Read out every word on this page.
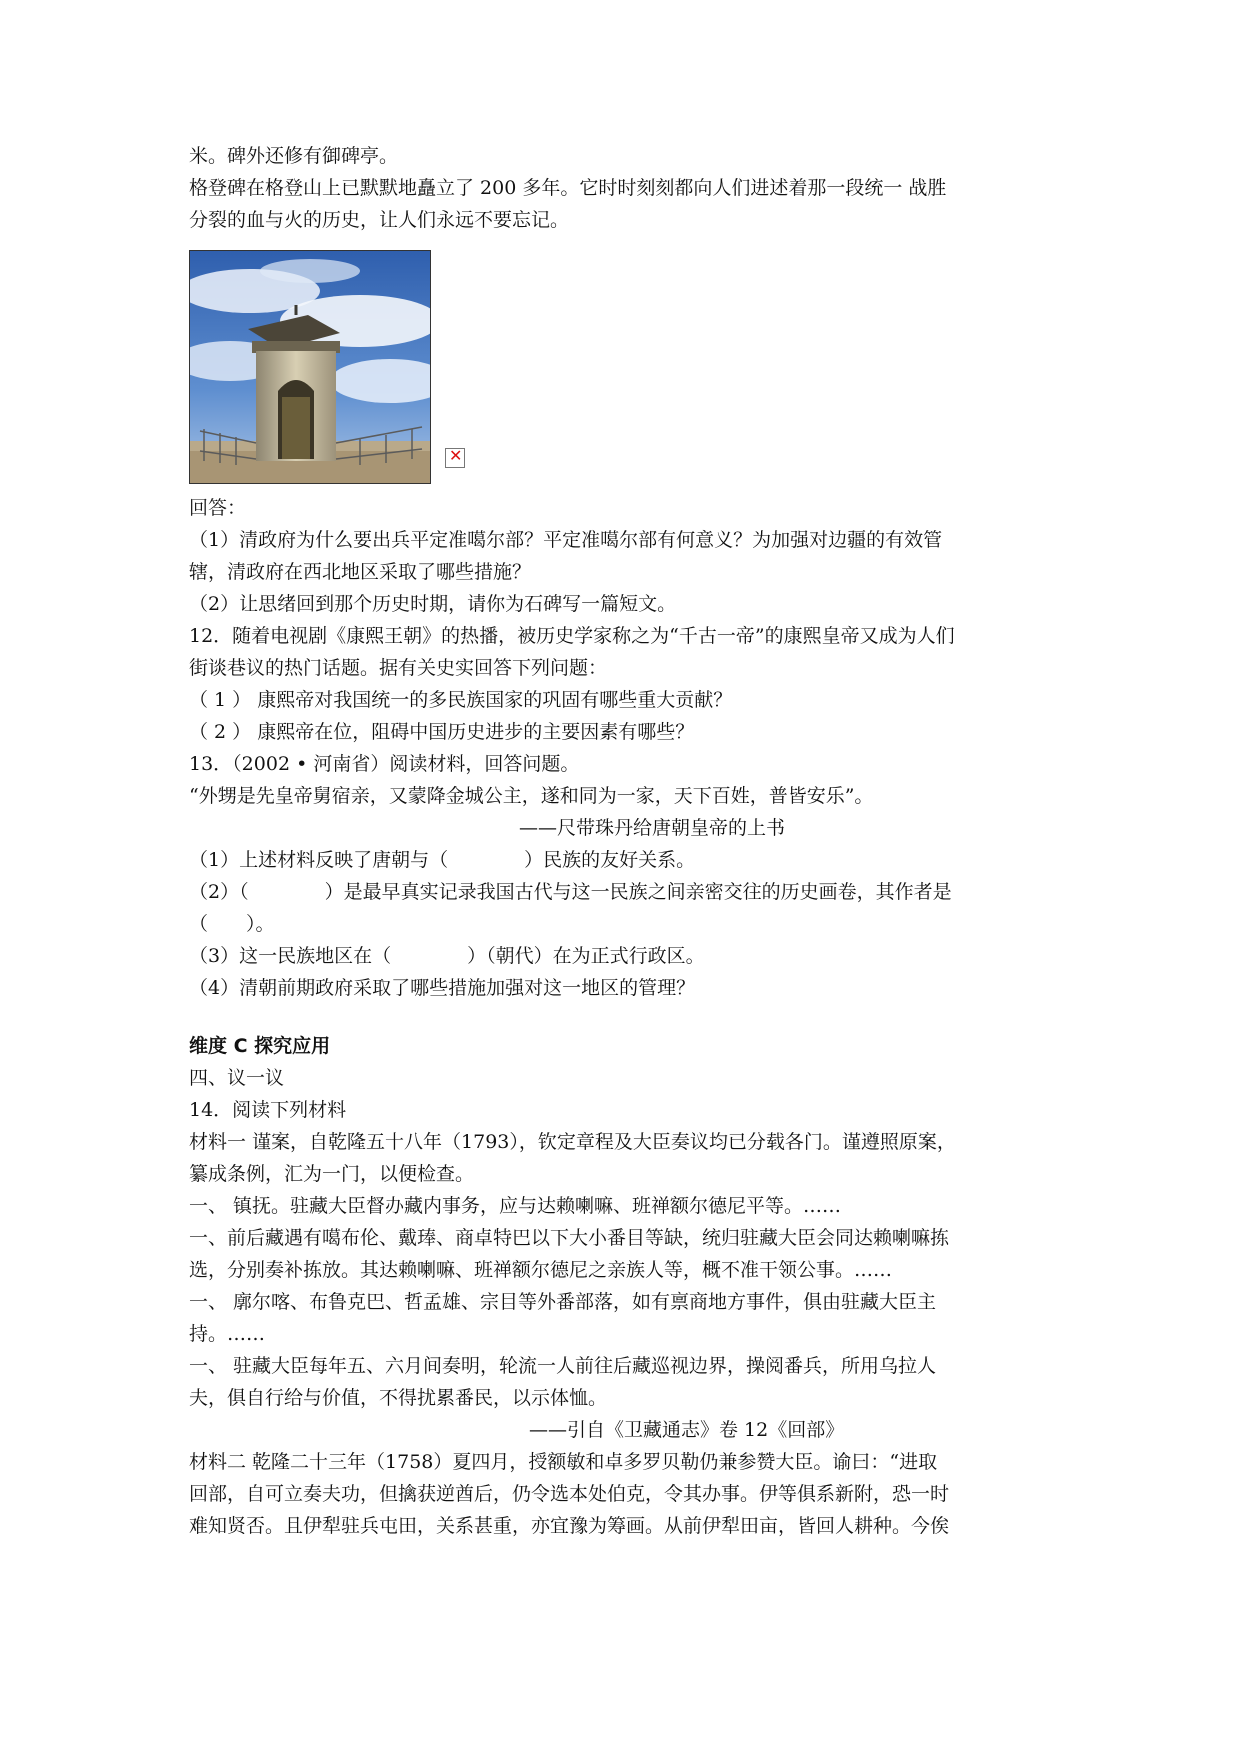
米。碑外还修有御碑亭。
格登碑在格登山上已默默地矗立了 200 多年。它时时刻刻都向人们进述着那一段统一 战胜
分裂的血与火的历史，让人们永远不要忘记。
✕
回答：
（1）清政府为什么要出兵平定准噶尔部？平定准噶尔部有何意义？为加强对边疆的有效管
辖，清政府在西北地区采取了哪些措施？
（2）让思绪回到那个历史时期，请你为石碑写一篇短文。
12．随着电视剧《康熙王朝》的热播，被历史学家称之为“千古一帝”的康熙皇帝又成为人们
街谈巷议的热门话题。据有关史实回答下列问题：
（ 1 ） 康熙帝对我国统一的多民族国家的巩固有哪些重大贡献？
（ 2 ） 康熙帝在位，阻碍中国历史进步的主要因素有哪些？
13．（2002 • 河南省）阅读材料，回答问题。
“外甥是先皇帝舅宿亲，又蒙降金城公主，遂和同为一家，天下百姓，普皆安乐”。
——尺带珠丹给唐朝皇帝的上书
（1）上述材料反映了唐朝与（　　　　）民族的友好关系。
（2）（　　　　）是最早真实记录我国古代与这一民族之间亲密交往的历史画卷，其作者是
（　　）。
（3）这一民族地区在（　　　　）（朝代）在为正式行政区。
（4）清朝前期政府采取了哪些措施加强对这一地区的管理？
维度 C 探究应用
四、议一议
14．阅读下列材料
材料一 谨案，自乾隆五十八年（1793），钦定章程及大臣奏议均已分载各门。谨遵照原案，
纂成条例，汇为一门，以便检查。
一、 镇抚。驻藏大臣督办藏内事务，应与达赖喇嘛、班禅额尔德尼平等。……
一、前后藏遇有噶布伦、戴琫、商卓特巴以下大小番目等缺，统归驻藏大臣会同达赖喇嘛拣
选，分别奏补拣放。其达赖喇嘛、班禅额尔德尼之亲族人等，概不准干领公事。……
一、 廓尔喀、布鲁克巴、哲孟雄、宗目等外番部落，如有禀商地方事件，俱由驻藏大臣主
持。……
一、 驻藏大臣每年五、六月间奏明，轮流一人前往后藏巡视边界，操阅番兵，所用乌拉人
夫，俱自行给与价值，不得扰累番民，以示体恤。
——引自《卫藏通志》卷 12《回部》
材料二 乾隆二十三年（1758）夏四月，授额敏和卓多罗贝勒仍兼参赞大臣。谕曰：“进取
回部，自可立奏夫功，但擒获逆酋后，仍令选本处伯克，令其办事。伊等俱系新附，恐一时
难知贤否。且伊犁驻兵屯田，关系甚重，亦宜豫为筹画。从前伊犁田亩，皆回人耕种。今俟
